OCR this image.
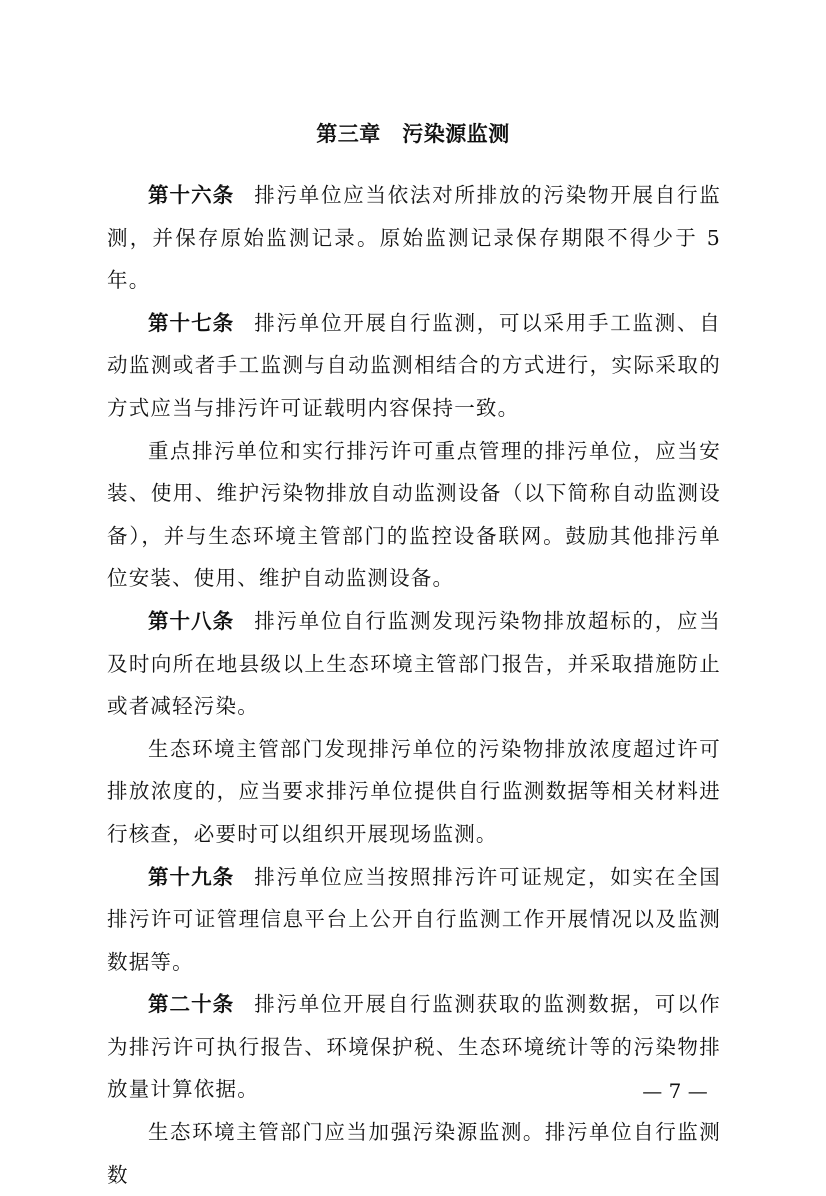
第三章　污染源监测

第十六条 排污单位应当依法对所排放的污染物开展自行监测，并保存原始监测记录。原始监测记录保存期限不得少于 5 年。

第十七条 排污单位开展自行监测，可以采用手工监测、自动监测或者手工监测与自动监测相结合的方式进行，实际采取的方式应当与排污许可证载明内容保持一致。

重点排污单位和实行排污许可重点管理的排污单位，应当安装、使用、维护污染物排放自动监测设备（以下简称自动监测设备），并与生态环境主管部门的监控设备联网。鼓励其他排污单位安装、使用、维护自动监测设备。

第十八条 排污单位自行监测发现污染物排放超标的，应当及时向所在地县级以上生态环境主管部门报告，并采取措施防止或者减轻污染。

生态环境主管部门发现排污单位的污染物排放浓度超过许可排放浓度的，应当要求排污单位提供自行监测数据等相关材料进行核查，必要时可以组织开展现场监测。

第十九条 排污单位应当按照排污许可证规定，如实在全国排污许可证管理信息平台上公开自行监测工作开展情况以及监测数据等。

第二十条 排污单位开展自行监测获取的监测数据，可以作为排污许可执行报告、环境保护税、生态环境统计等的污染物排放量计算依据。

生态环境主管部门应当加强污染源监测。排污单位自行监测数

— 7 —
